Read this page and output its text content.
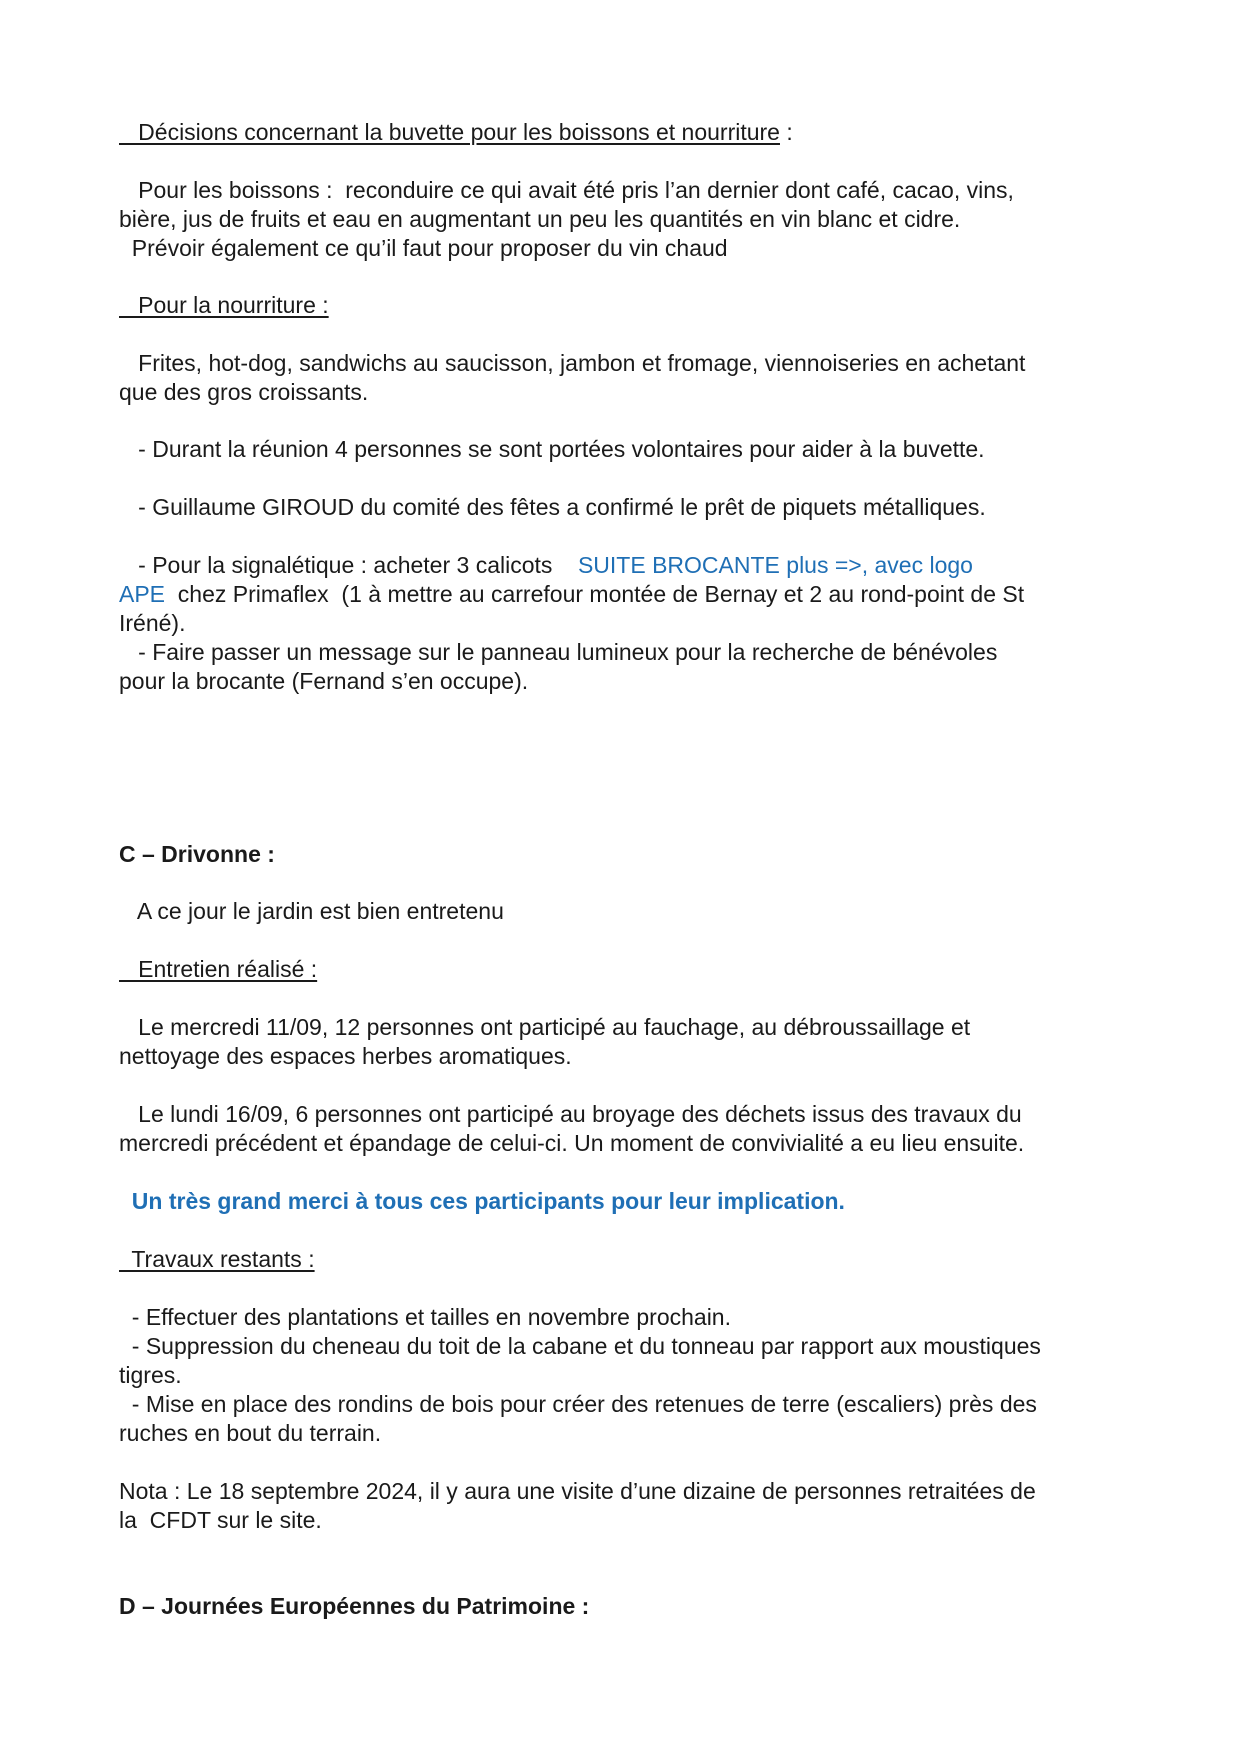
Décisions concernant la buvette pour les boissons et nourriture :
Pour les boissons :  reconduire ce qui avait été pris l’an dernier dont café, cacao, vins,
bière, jus de fruits et eau en augmentant un peu les quantités en vin blanc et cidre.
Prévoir également ce qu’il faut pour proposer du vin chaud
Pour la nourriture :
Frites, hot-dog, sandwichs au saucisson, jambon et fromage, viennoiseries en achetant
que des gros croissants.
- Durant la réunion 4 personnes se sont portées volontaires pour aider à la buvette.
- Guillaume GIROUD du comité des fêtes a confirmé le prêt de piquets métalliques.
- Pour la signalétique : acheter 3 calicots    SUITE BROCANTE plus =>, avec logo
APE  chez Primaflex  (1 à mettre au carrefour montée de Bernay et 2 au rond-point de St
Iréné).
- Faire passer un message sur le panneau lumineux pour la recherche de bénévoles
pour la brocante (Fernand s’en occupe).
C – Drivonne :
A ce jour le jardin est bien entretenu
Entretien réalisé :
Le mercredi 11/09, 12 personnes ont participé au fauchage, au débroussaillage et
nettoyage des espaces herbes aromatiques.
Le lundi 16/09, 6 personnes ont participé au broyage des déchets issus des travaux du
mercredi précédent et épandage de celui-ci. Un moment de convivialité a eu lieu ensuite.
Un très grand merci à tous ces participants pour leur implication.
Travaux restants :
- Effectuer des plantations et tailles en novembre prochain.
- Suppression du cheneau du toit de la cabane et du tonneau par rapport aux moustiques
tigres.
- Mise en place des rondins de bois pour créer des retenues de terre (escaliers) près des
ruches en bout du terrain.
Nota : Le 18 septembre 2024, il y aura une visite d’une dizaine de personnes retraitées de
la  CFDT sur le site.
D – Journées Européennes du Patrimoine :
